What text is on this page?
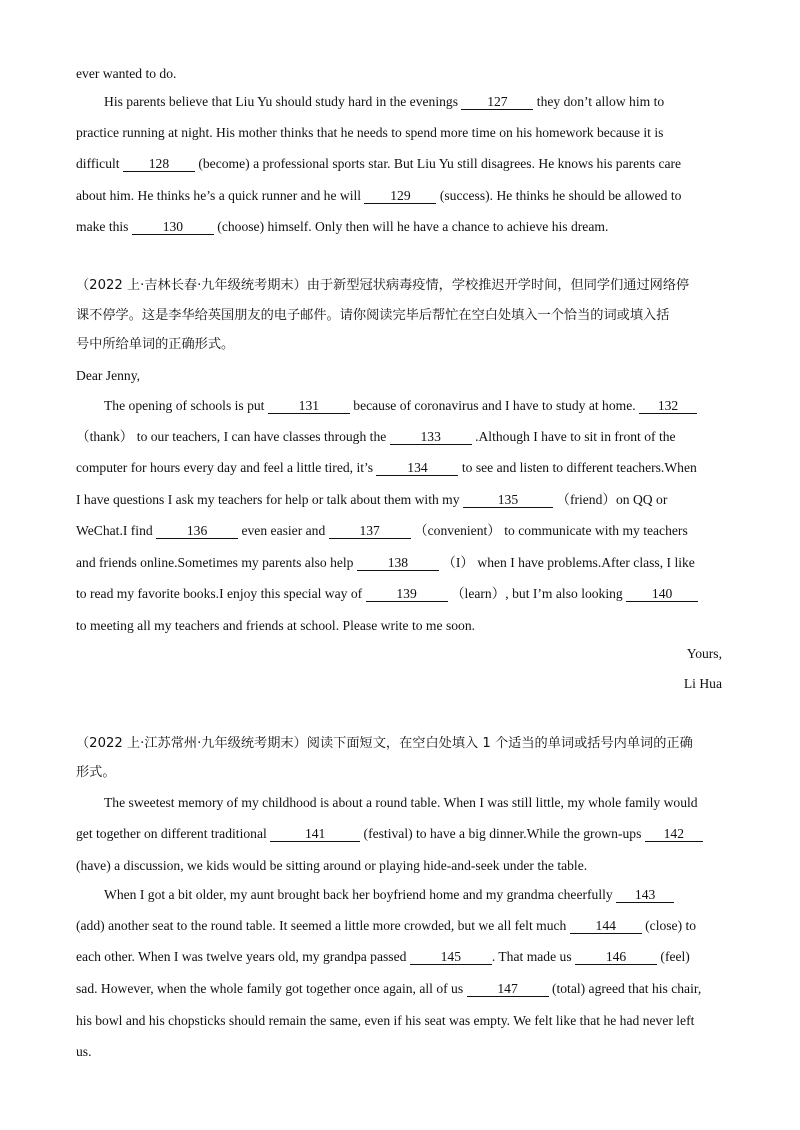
ever wanted to do.
His parents believe that Liu Yu should study hard in the evenings 127 they don’t allow him to
practice running at night. His mother thinks that he needs to spend more time on his homework because it is
difficult 128 (become) a professional sports star. But Liu Yu still disagrees. He knows his parents care
about him. He thinks he’s a quick runner and he will 129 (success). He thinks he should be allowed to
make this 130 (choose) himself. Only then will he have a chance to achieve his dream.
（2022 上·吉林长春·九年级统考期末）由于新型冠状病毒疫情，学校推迟开学时间，但同学们通过网络停
课不停学。这是李华给英国朋友的电子邮件。请你阅读完毕后帮忙在空白处填入一个恰当的词或填入括
号中所给单词的正确形式。
Dear Jenny,
The opening of schools is put 131 because of coronavirus and I have to study at home. 132
（thank） to our teachers, I can have classes through the 133 .Although I have to sit in front of the
computer for hours every day and feel a little tired, it’s 134 to see and listen to different teachers.When
I have questions I ask my teachers for help or talk about them with my	135	（friend）on QQ or
WeChat.I find 136 even easier and 137 （convenient） to communicate with my teachers
and friends online.Sometimes my parents also help 138 （I） when I have problems.After class, I like
to read my favorite books.I enjoy this special way of 139 （learn）, but I’m also looking 140
to meeting all my teachers and friends at school. Please write to me soon.
（2022 上·江苏常州·九年级统考期末）阅读下面短文，在空白处填入 1 个适当的单词或括号内单词的正确
形式。
The sweetest memory of my childhood is about a round table. When I was still little, my whole family would
get together on different traditional	141	(festival) to have a big dinner.While the grown-ups 142
(have) a discussion, we kids would be sitting around or playing hide-and-seek under the table.
When I got a bit older, my aunt brought back her boyfriend home and my grandma cheerfully 143
(add) another seat to the round table. It seemed a little more crowded, but we all felt much 144 (close) to
each other. When I was twelve years old, my grandpa passed 145 . That made us 146 (feel)
sad. However, when the whole family got together once again, all of us 147 (total) agreed that his chair,
his bowl and his chopsticks should remain the same, even if his seat was empty. We felt like that he had never left
us.
Yours,
Li Hua
